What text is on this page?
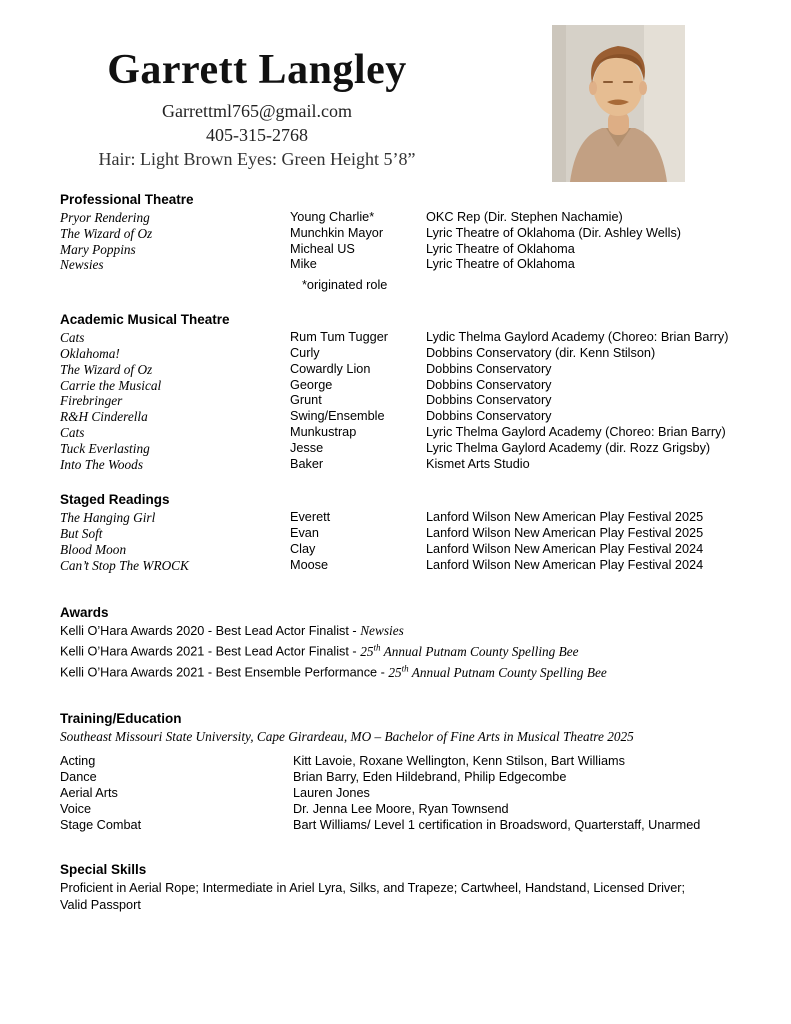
Garrett Langley
Garrettml765@gmail.com
405-315-2768
Hair: Light Brown Eyes: Green Height 5’8”
Professional Theatre
Pryor Rendering	Young Charlie*	OKC Rep (Dir. Stephen Nachamie)
The Wizard of Oz	Munchkin Mayor	Lyric Theatre of Oklahoma (Dir. Ashley Wells)
Mary Poppins	Micheal US	Lyric Theatre of Oklahoma
Newsies	Mike	Lyric Theatre of Oklahoma
*originated role
Academic Musical Theatre
Cats	Rum Tum Tugger	Lydic Thelma Gaylord Academy (Choreo: Brian Barry)
Oklahoma!	Curly	Dobbins Conservatory (dir. Kenn Stilson)
The Wizard of Oz	Cowardly Lion	Dobbins Conservatory
Carrie the Musical	George	Dobbins Conservatory
Firebringer	Grunt	Dobbins Conservatory
R&H Cinderella	Swing/Ensemble	Dobbins Conservatory
Cats	Munkustrap	Lyric Thelma Gaylord Academy (Choreo: Brian Barry)
Tuck Everlasting	Jesse	Lyric Thelma Gaylord Academy (dir. Rozz Grigsby)
Into The Woods	Baker	Kismet Arts Studio
Staged Readings
The Hanging Girl	Everett	Lanford Wilson New American Play Festival 2025
But Soft	Evan	Lanford Wilson New American Play Festival 2025
Blood Moon	Clay	Lanford Wilson New American Play Festival 2024
Can’t Stop The WROCK	Moose	Lanford Wilson New American Play Festival 2024
Awards
Kelli O’Hara Awards 2020 - Best Lead Actor Finalist - Newsies
Kelli O’Hara Awards 2021 - Best Lead Actor Finalist - 25th Annual Putnam County Spelling Bee
Kelli O’Hara Awards 2021 - Best Ensemble Performance - 25th Annual Putnam County Spelling Bee
Training/Education
Southeast Missouri State University, Cape Girardeau, MO – Bachelor of Fine Arts in Musical Theatre 2025
Acting	Kitt Lavoie, Roxane Wellington, Kenn Stilson, Bart Williams
Dance	Brian Barry, Eden Hildebrand, Philip Edgecombe
Aerial Arts	Lauren Jones
Voice	Dr. Jenna Lee Moore, Ryan Townsend
Stage Combat	Bart Williams/ Level 1 certification in Broadsword, Quarterstaff, Unarmed
Special Skills
Proficient in Aerial Rope; Intermediate in Ariel Lyra, Silks, and Trapeze; Cartwheel, Handstand, Licensed Driver;
Valid Passport
